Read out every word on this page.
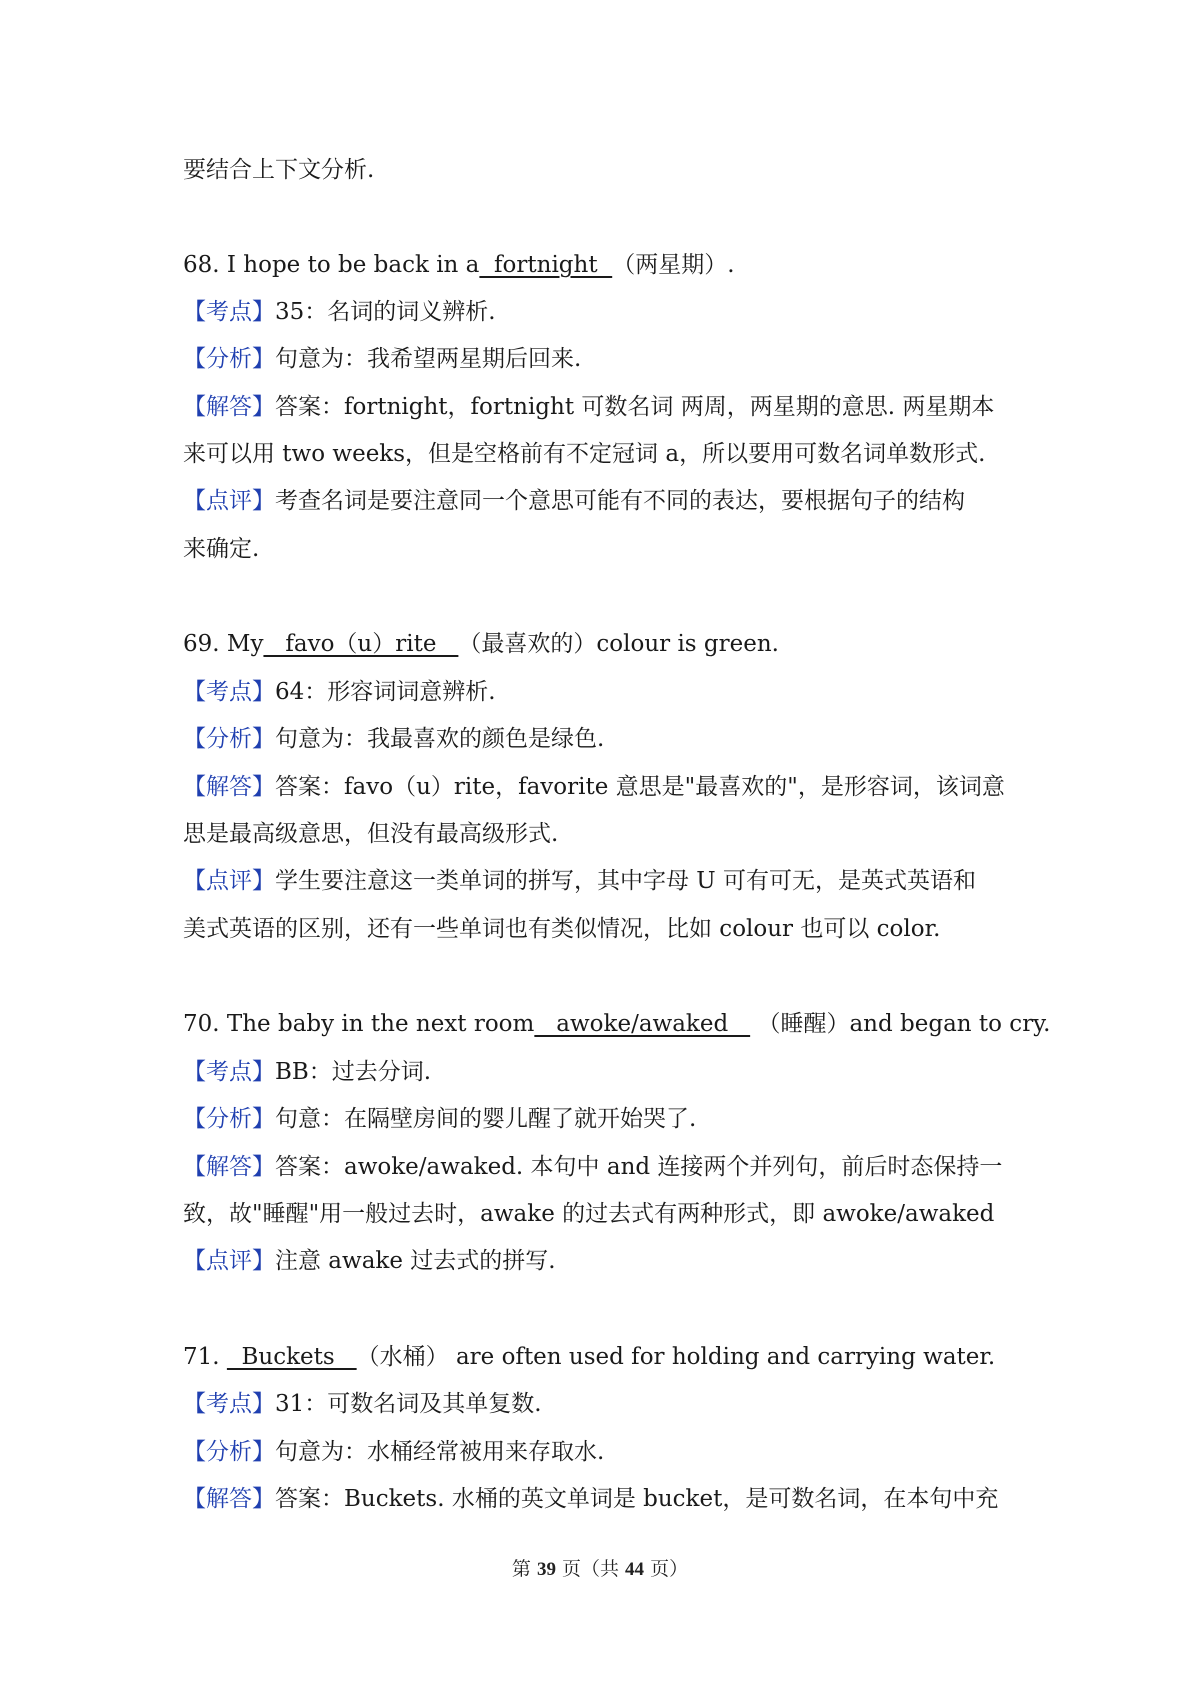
要结合上下文分析.
68. I hope to be back in a  fortnight  （两星期）.
【考点】35：名词的词义辨析.
【分析】句意为：我希望两星期后回来.
【解答】答案：fortnight，fortnight 可数名词 两周，两星期的意思. 两星期本
来可以用 two weeks，但是空格前有不定冠词 a，所以要用可数名词单数形式.
【点评】考查名词是要注意同一个意思可能有不同的表达，要根据句子的结构
来确定.
69. My   favo（u）rite   （最喜欢的）colour is green.
【考点】64：形容词词意辨析.
【分析】句意为：我最喜欢的颜色是绿色.
【解答】答案：favo（u）rite，favorite 意思是"最喜欢的"，是形容词，该词意
思是最高级意思，但没有最高级形式.
【点评】学生要注意这一类单词的拼写，其中字母 U 可有可无，是英式英语和
美式英语的区别，还有一些单词也有类似情况，比如 colour 也可以 color.
70. The baby in the next room   awoke/awaked    （睡醒）and began to cry.
【考点】BB：过去分词.
【分析】句意：在隔壁房间的婴儿醒了就开始哭了.
【解答】答案：awoke/awaked. 本句中 and 连接两个并列句，前后时态保持一
致，故"睡醒"用一般过去时，awake 的过去式有两种形式，即 awoke/awaked
【点评】注意 awake 过去式的拼写.
71.   Buckets   （水桶） are often used for holding and carrying water.
【考点】31：可数名词及其单复数.
【分析】句意为：水桶经常被用来存取水.
【解答】答案：Buckets. 水桶的英文单词是 bucket，是可数名词，在本句中充
第 39 页（共 44 页）
